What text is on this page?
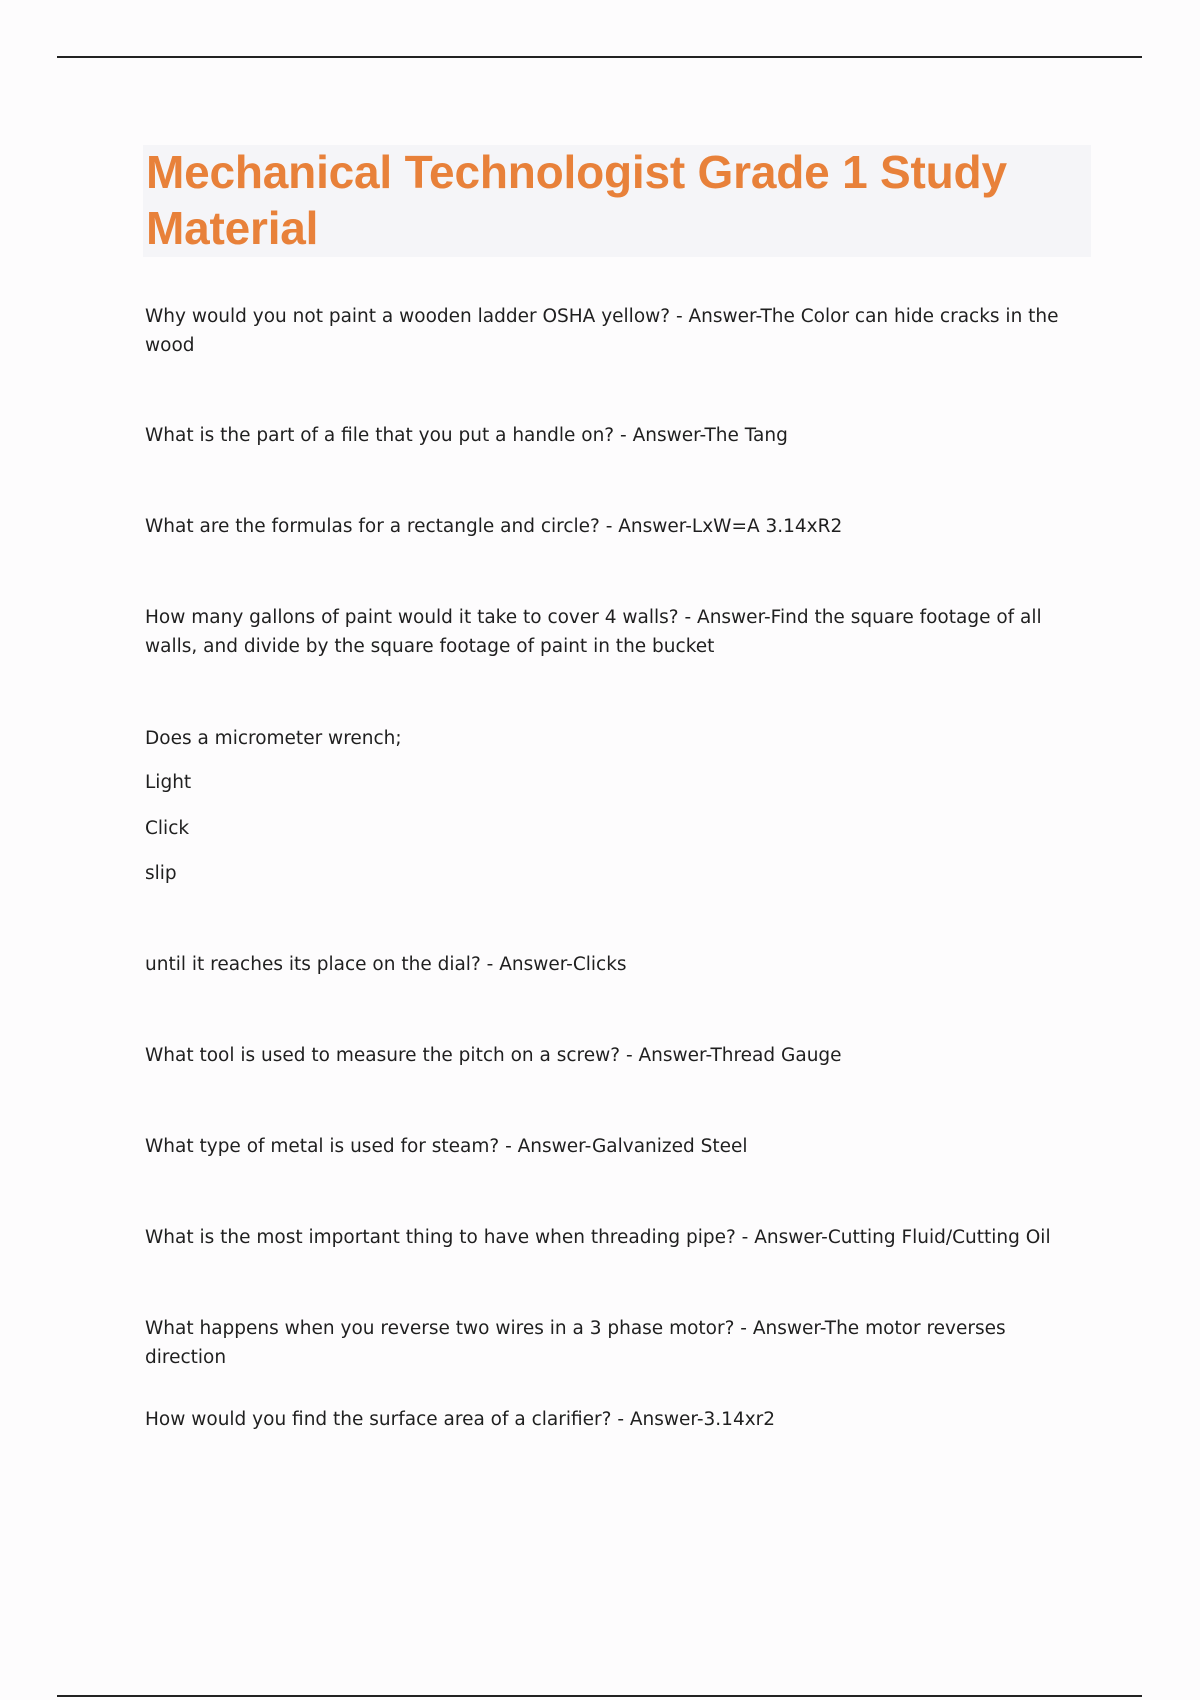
Mechanical Technologist Grade 1 Study Material

Why would you not paint a wooden ladder OSHA yellow? - Answer-The Color can hide cracks in the wood

What is the part of a file that you put a handle on? - Answer-The Tang

What are the formulas for a rectangle and circle? - Answer-LxW=A 3.14xR2

How many gallons of paint would it take to cover 4 walls? - Answer-Find the square footage of all walls, and divide by the square footage of paint in the bucket

Does a micrometer wrench;

Light

Click

slip

until it reaches its place on the dial? - Answer-Clicks

What tool is used to measure the pitch on a screw? - Answer-Thread Gauge

What type of metal is used for steam? - Answer-Galvanized Steel

What is the most important thing to have when threading pipe? - Answer-Cutting Fluid/Cutting Oil

What happens when you reverse two wires in a 3 phase motor? - Answer-The motor reverses direction

How would you find the surface area of a clarifier? - Answer-3.14xr2
